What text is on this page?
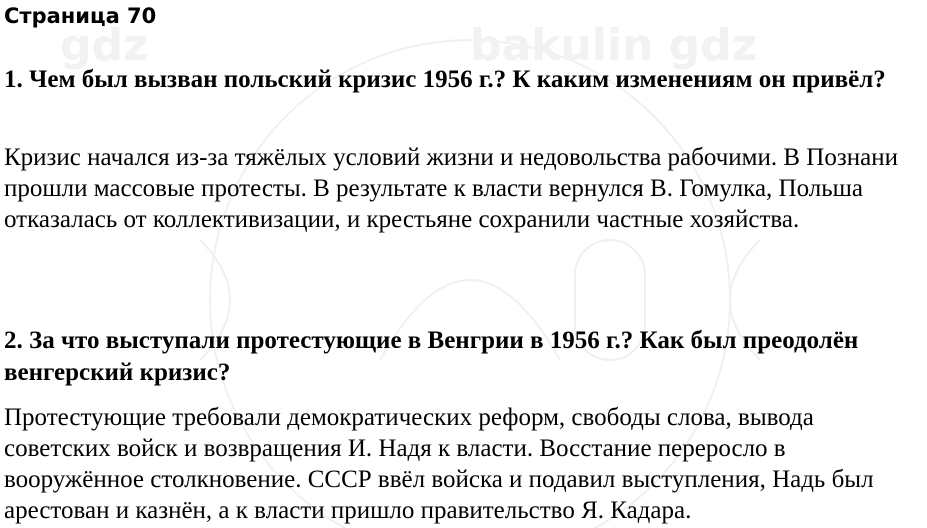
gdz	bakulin gdz
Страница 70

1. Чем был вызван польский кризис 1956 г.? К каким изменениям он привёл?

Кризис начался из-за тяжёлых условий жизни и недовольства рабочими. В Познани прошли массовые протесты. В результате к власти вернулся В. Гомулка, Польша отказалась от коллективизации, и крестьяне сохранили частные хозяйства.

2. За что выступали протестующие в Венгрии в 1956 г.? Как был преодолён венгерский кризис?

Протестующие требовали демократических реформ, свободы слова, вывода советских войск и возвращения И. Надя к власти. Восстание переросло в вооружённое столкновение. СССР ввёл войска и подавил выступления, Надь был арестован и казнён, а к власти пришло правительство Я. Кадара.
